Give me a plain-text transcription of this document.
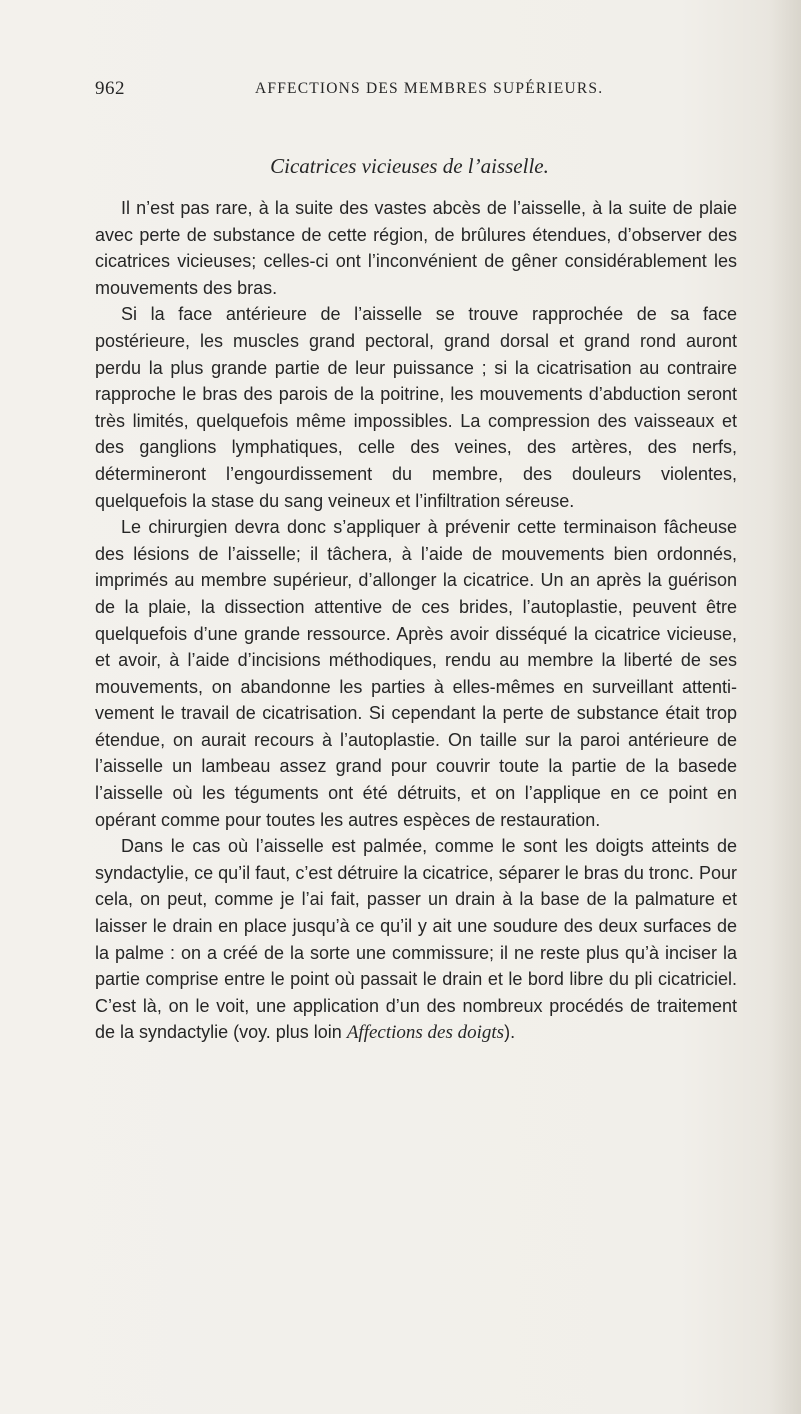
962	AFFECTIONS DES MEMBRES SUPÉRIEURS.
Cicatrices vicieuses de l’aisselle.

Il n’est pas rare, à la suite des vastes abcès de l’aisselle, à la suite de plaie avec perte de substance de cette région, de brûlures étendues, d’observer des cicatrices vicieuses; celles-ci ont l’inconvénient de gêner considérablement les mouvements des bras.

Si la face antérieure de l’aisselle se trouve rapprochée de sa face postérieure, les muscles grand pectoral, grand dorsal et grand rond auront perdu la plus grande partie de leur puissance ; si la cicatrisation au contraire rapproche le bras des parois de la poitrine, les mouvements d’abduction seront très limités, quelquefois même impossibles. La compression des vaisseaux et des ganglions lymphatiques, celle des veines, des artères, des nerfs, détermineront l’engourdissement du membre, des douleurs violentes, quelquefois la stase du sang veineux et l’infiltration séreuse.

Le chirurgien devra donc s’appliquer à prévenir cette terminaison fâcheuse des lésions de l’aisselle; il tâchera, à l’aide de mouvements bien ordonnés, imprimés au membre supérieur, d’allonger la cicatrice. Un an après la guérison de la plaie, la dissection attentive de ces brides, l’autoplastie, peuvent être quelquefois d’une grande ressource. Après avoir disséqué la cicatrice vicieuse, et avoir, à l’aide d’incisions méthodiques, rendu au membre la liberté de ses mouvements, on abandonne les parties à elles-mêmes en surveillant attentivement le travail de cicatrisation. Si cependant la perte de substance était trop étendue, on aurait recours à l’autoplastie. On taille sur la paroi antérieure de l’aisselle un lambeau assez grand pour couvrir toute la partie de la basede l’aisselle où les téguments ont été détruits, et on l’applique en ce point en opérant comme pour toutes les autres espèces de restauration.

Dans le cas où l’aisselle est palmée, comme le sont les doigts atteints de syndactylie, ce qu’il faut, c’est détruire la cicatrice, séparer le bras du tronc. Pour cela, on peut, comme je l’ai fait, passer un drain à la base de la palmature et laisser le drain en place jusqu’à ce qu’il y ait une soudure des deux surfaces de la palme : on a créé de la sorte une commissure; il ne reste plus qu’à inciser la partie comprise entre le point où passait le drain et le bord libre du pli cicatriciel. C’est là, on le voit, une application d’un des nombreux procédés de traitement de la syndactylie (voy. plus loin Affections des doigts).
